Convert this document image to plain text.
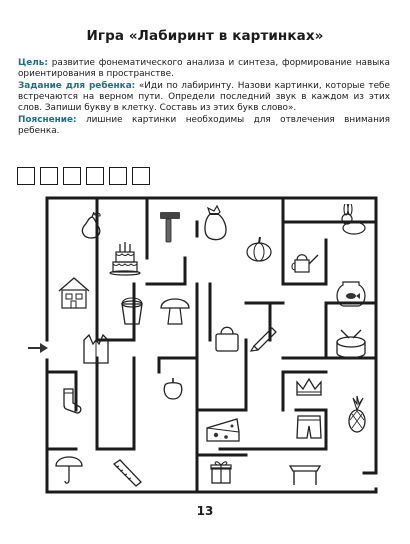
Игра «Лабиринт в картинках»

Цель: развитие фонематического анализа и синтеза, формирование навыка ориентирования в пространстве.

Задание для ребенка: «Иди по лабиринту. Назови картинки, которые тебе встречаются на верном пути. Определи последний звук в каждом из этих слов. Запиши букву в клетку. Составь из этих букв слово».

Пояснение: лишние картинки необходимы для отвлечения внимания ребенка.

13
